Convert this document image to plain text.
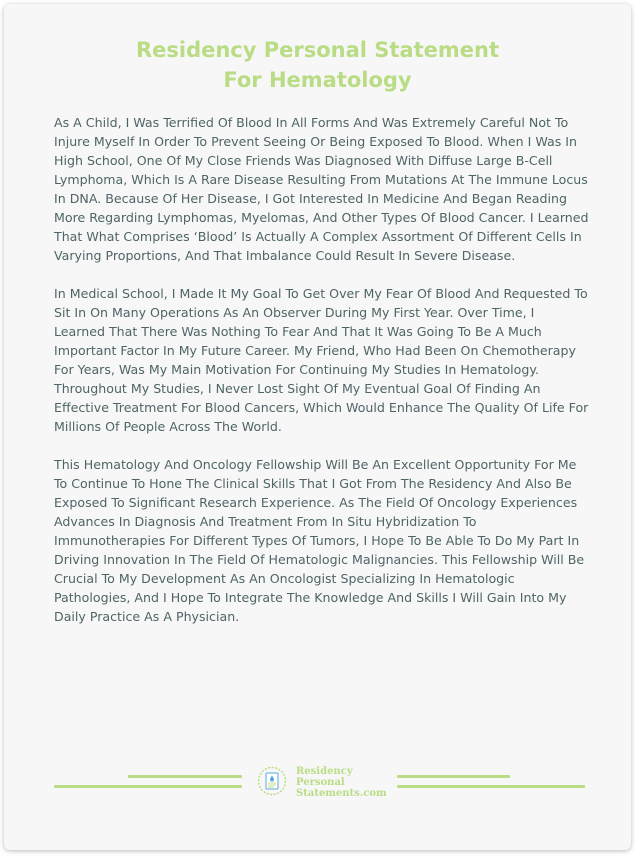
Residency Personal Statement
For Hematology

As A Child, I Was Terrified Of Blood In All Forms And Was Extremely Careful Not To Injure Myself In Order To Prevent Seeing Or Being Exposed To Blood. When I Was In High School, One Of My Close Friends Was Diagnosed With Diffuse Large B-Cell Lymphoma, Which Is A Rare Disease Resulting From Mutations At The Immune Locus In DNA. Because Of Her Disease, I Got Interested In Medicine And Began Reading More Regarding Lymphomas, Myelomas, And Other Types Of Blood Cancer. I Learned That What Comprises ‘Blood’ Is Actually A Complex Assortment Of Different Cells In Varying Proportions, And That Imbalance Could Result In Severe Disease.

In Medical School, I Made It My Goal To Get Over My Fear Of Blood And Requested To Sit In On Many Operations As An Observer During My First Year. Over Time, I Learned That There Was Nothing To Fear And That It Was Going To Be A Much Important Factor In My Future Career. My Friend, Who Had Been On Chemotherapy For Years, Was My Main Motivation For Continuing My Studies In Hematology. Throughout My Studies, I Never Lost Sight Of My Eventual Goal Of Finding An Effective Treatment For Blood Cancers, Which Would Enhance The Quality Of Life For Millions Of People Across The World.

This Hematology And Oncology Fellowship Will Be An Excellent Opportunity For Me To Continue To Hone The Clinical Skills That I Got From The Residency And Also Be Exposed To Significant Research Experience. As The Field Of Oncology Experiences Advances In Diagnosis And Treatment From In Situ Hybridization To Immunotherapies For Different Types Of Tumors, I Hope To Be Able To Do My Part In Driving Innovation In The Field Of Hematologic Malignancies. This Fellowship Will Be Crucial To My Development As An Oncologist Specializing In Hematologic Pathologies, And I Hope To Integrate The Knowledge And Skills I Will Gain Into My Daily Practice As A Physician.

Residency
Personal
Statements.com
